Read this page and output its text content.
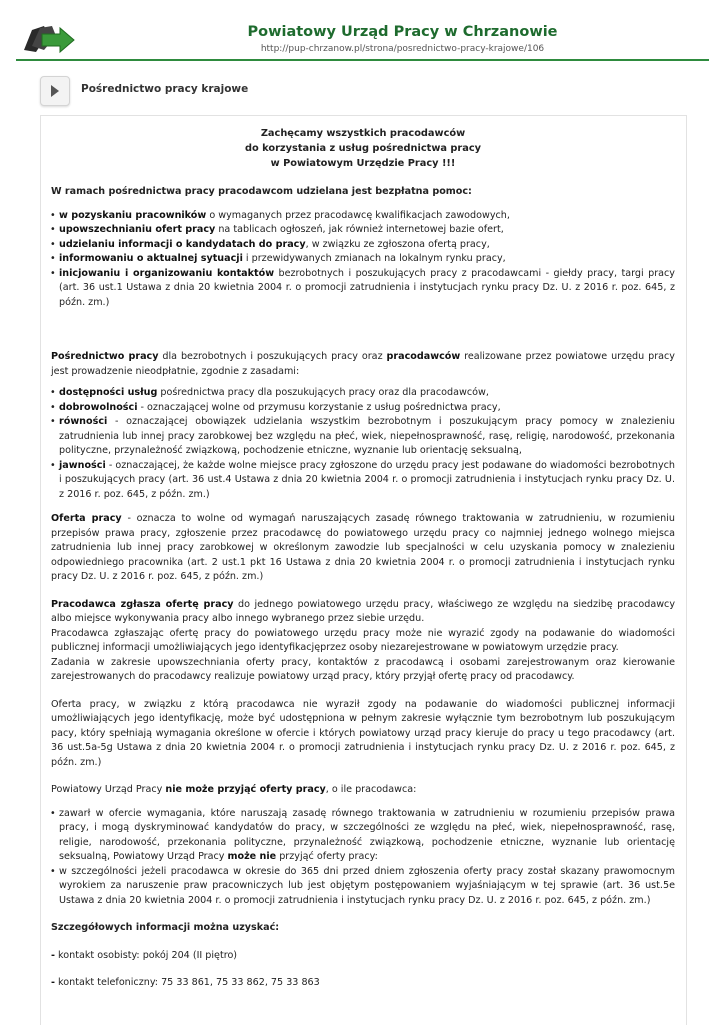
Powiatowy Urząd Pracy w Chrzanowie
http://pup-chrzanow.pl/strona/posrednictwo-pracy-krajowe/106
Pośrednictwo pracy krajowe

Zachęcamy wszystkich pracodawców
do korzystania z usług pośrednictwa pracy
w Powiatowym Urzędzie Pracy !!!

W ramach pośrednictwa pracy pracodawcom udzielana jest bezpłatna pomoc:

• w pozyskaniu pracowników o wymaganych przez pracodawcę kwalifikacjach zawodowych,
• upowszechnianiu ofert pracy na tablicach ogłoszeń, jak również internetowej bazie ofert,
• udzielaniu informacji o kandydatach do pracy, w związku ze zgłoszona ofertą pracy,
• informowaniu o aktualnej sytuacji i przewidywanych zmianach na lokalnym rynku pracy,
• inicjowaniu i organizowaniu kontaktów bezrobotnych i poszukujących pracy z pracodawcami - giełdy pracy, targi pracy (art. 36 ust.1 Ustawa z dnia 20 kwietnia 2004 r. o promocji zatrudnienia i instytucjach rynku pracy Dz. U. z 2016 r. poz. 645, z późn. zm.)

Pośrednictwo pracy dla bezrobotnych i poszukujących pracy oraz pracodawców realizowane przez powiatowe urzędu pracy jest prowadzenie nieodpłatnie, zgodnie z zasadami:

• dostępności usług pośrednictwa pracy dla poszukujących pracy oraz dla pracodawców,
• dobrowolności - oznaczającej wolne od przymusu korzystanie z usług pośrednictwa pracy,
• równości - oznaczającej obowiązek udzielania wszystkim bezrobotnym i poszukującym pracy pomocy w znalezieniu zatrudnienia lub innej pracy zarobkowej bez względu na płeć, wiek, niepełnosprawność, rasę, religię, narodowość, przekonania polityczne, przynależność związkową, pochodzenie etniczne, wyznanie lub orientację seksualną,
• jawności - oznaczającej, że każde wolne miejsce pracy zgłoszone do urzędu pracy jest podawane do wiadomości bezrobotnych i poszukujących pracy (art. 36 ust.4 Ustawa z dnia 20 kwietnia 2004 r. o promocji zatrudnienia i instytucjach rynku pracy Dz. U. z 2016 r. poz. 645, z późn. zm.)

Oferta pracy - oznacza to wolne od wymagań naruszających zasadę równego traktowania w zatrudnieniu, w rozumieniu przepisów prawa pracy, zgłoszenie przez pracodawcę do powiatowego urzędu pracy co najmniej jednego wolnego miejsca zatrudnienia lub innej pracy zarobkowej w określonym zawodzie lub specjalności w celu uzyskania pomocy w znalezieniu odpowiedniego pracownika (art. 2 ust.1 pkt 16 Ustawa z dnia 20 kwietnia 2004 r. o promocji zatrudnienia i instytucjach rynku pracy Dz. U. z 2016 r. poz. 645, z późn. zm.)

Pracodawca zgłasza ofertę pracy do jednego powiatowego urzędu pracy, właściwego ze względu na siedzibę pracodawcy albo miejsce wykonywania pracy albo innego wybranego przez siebie urzędu.
Pracodawca zgłaszając ofertę pracy do powiatowego urzędu pracy może nie wyrazić zgody na podawanie do wiadomości publicznej informacji umożliwiających jego identyfikacjęprzez osoby niezarejestrowane w powiatowym urzędzie pracy.
Zadania w zakresie upowszechniania oferty pracy, kontaktów z pracodawcą i osobami zarejestrowanym oraz kierowanie zarejestrowanych do pracodawcy realizuje powiatowy urząd pracy, który przyjął ofertę pracy od pracodawcy.

Oferta pracy, w związku z którą pracodawca nie wyraził zgody na podawanie do wiadomości publicznej informacji umożliwiających jego identyfikację, może być udostępniona w pełnym zakresie wyłącznie tym bezrobotnym lub poszukującym pacy, który spełniają wymagania określone w ofercie i których powiatowy urząd pracy kieruje do pracy u tego pracodawcy (art. 36 ust.5a-5g Ustawa z dnia 20 kwietnia 2004 r. o promocji zatrudnienia i instytucjach rynku pracy Dz. U. z 2016 r. poz. 645, z późn. zm.)

Powiatowy Urząd Pracy nie może przyjąć oferty pracy, o ile pracodawca:

• zawarł w ofercie wymagania, które naruszają zasadę równego traktowania w zatrudnieniu w rozumieniu przepisów prawa pracy, i mogą dyskryminować kandydatów do pracy, w szczególności ze względu na płeć, wiek, niepełnosprawność, rasę, religie, narodowość, przekonania polityczne, przynależność związkową, pochodzenie etniczne, wyznanie lub orientację seksualną, Powiatowy Urząd Pracy może nie przyjąć oferty pracy:
• w szczególności jeżeli pracodawca w okresie do 365 dni przed dniem zgłoszenia oferty pracy został skazany prawomocnym wyrokiem za naruszenie praw pracowniczych lub jest objętym postępowaniem wyjaśniającym w tej sprawie (art. 36 ust.5e Ustawa z dnia 20 kwietnia 2004 r. o promocji zatrudnienia i instytucjach rynku pracy Dz. U. z 2016 r. poz. 645, z późn. zm.)

Szczegółowych informacji można uzyskać:

- kontakt osobisty: pokój 204 (II piętro)

- kontakt telefoniczny: 75 33 861, 75 33 862, 75 33 863
